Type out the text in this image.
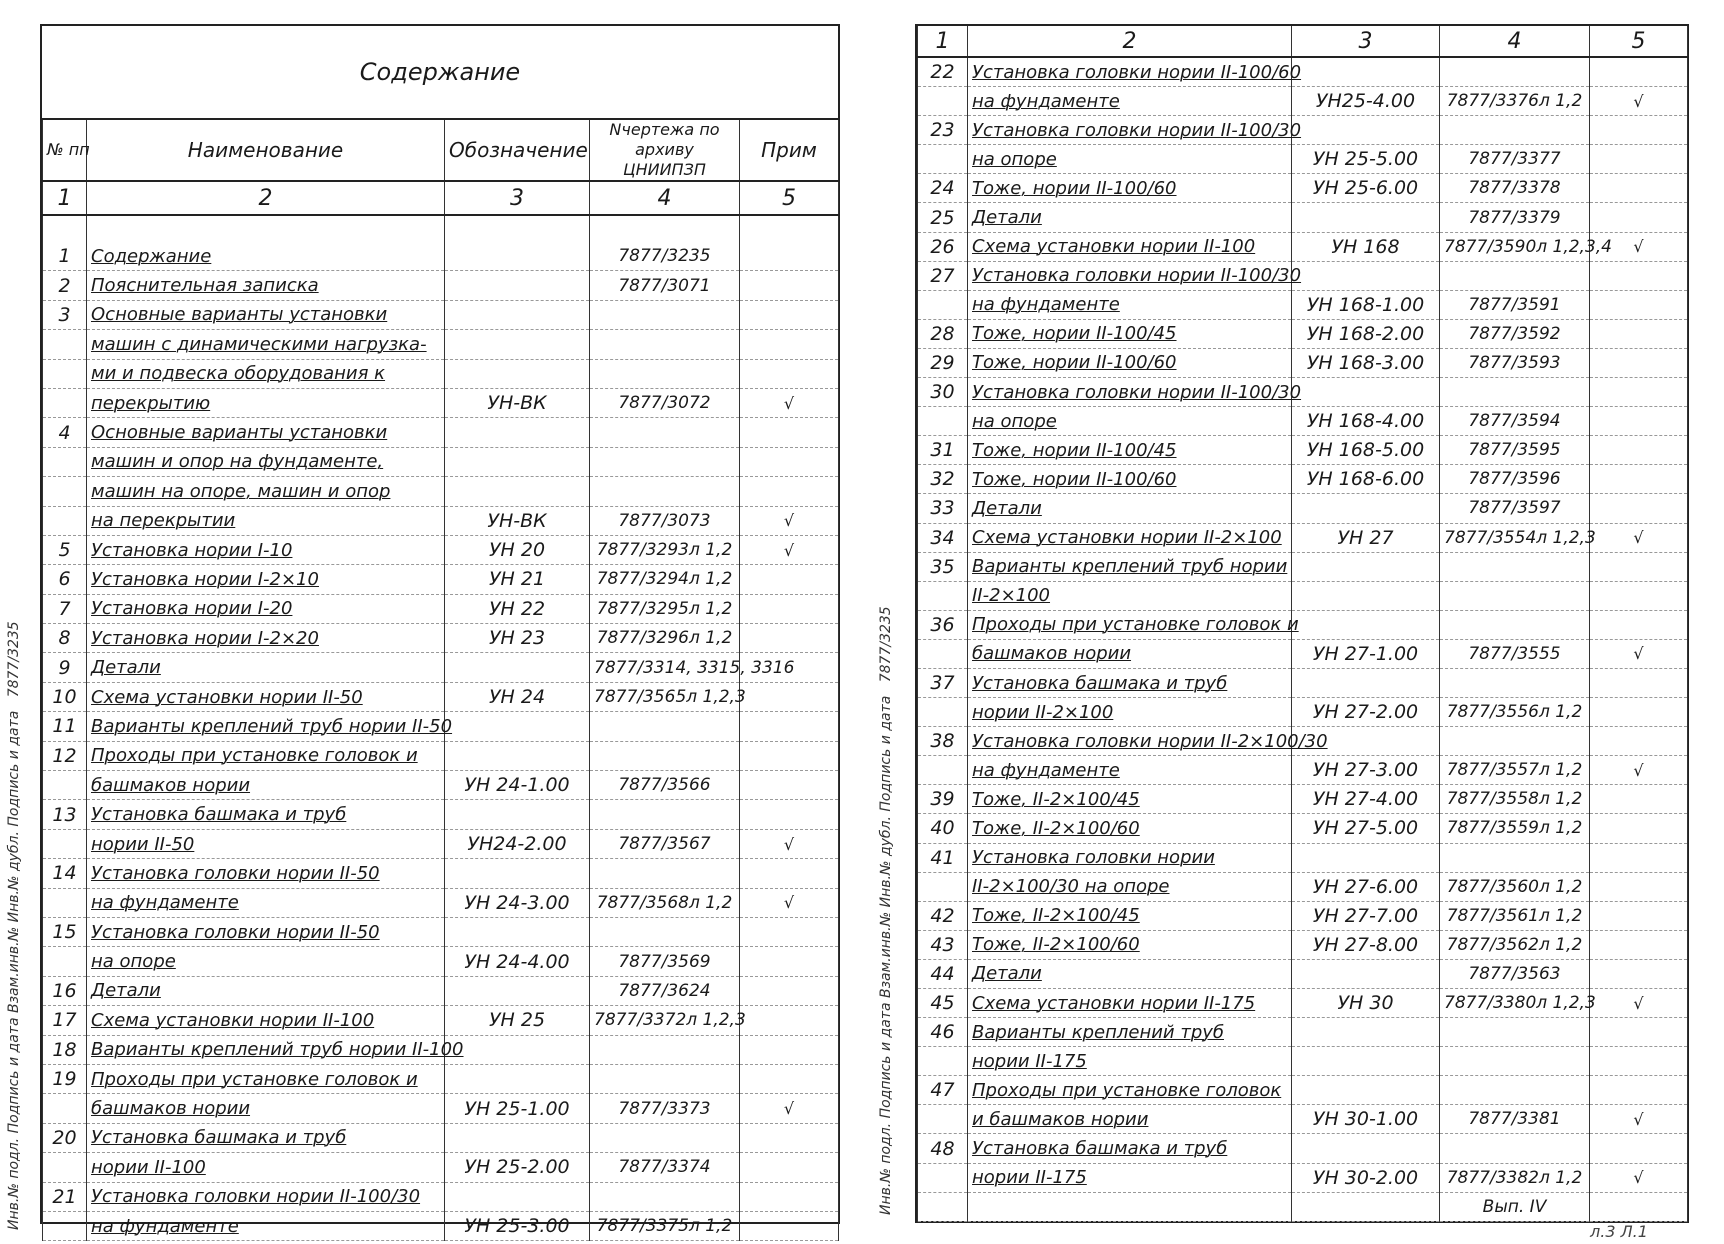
Содержание
№ пп	Наименование	Обозначение	Nчертежа по архиву ЦНИИПЗП	Прим
1	2	3	4	5

1	Содержание		7877/3235	
2	Пояснительная записка		7877/3071	
3	Основные варианты установки			
	машин с динамическими нагрузка-			
	ми и подвеска оборудования к			
	перекрытию	УН-ВК	7877/3072	√
4	Основные варианты установки			
	машин и опор на фундаменте,			
	машин на опоре, машин и опор			
	на перекрытии	УН-ВК	7877/3073	√
5	Установка нории I-10	УН 20	7877/3293л 1,2	√
6	Установка нории I-2×10	УН 21	7877/3294л 1,2	
7	Установка нории I-20	УН 22	7877/3295л 1,2	
8	Установка нории I-2×20	УН 23	7877/3296л 1,2	
9	Детали		7877/3314, 3315, 3316	
10	Схема установки нории II-50	УН 24	7877/3565л 1,2,3	
11	Варианты креплений труб нории II-50			
12	Проходы при установке головок и			
	башмаков нории	УН 24-1.00	7877/3566	
13	Установка башмака и труб			
	нории II-50	УН24-2.00	7877/3567	√
14	Установка головки нории II-50			
	на фундаменте	УН 24-3.00	7877/3568л 1,2	√
15	Установка головки нории II-50			
	на опоре	УН 24-4.00	7877/3569	
16	Детали		7877/3624	
17	Схема установки нории II-100	УН 25	7877/3372л 1,2,3	
18	Варианты креплений труб нории II-100			
19	Проходы при установке головок и			
	башмаков нории	УН 25-1.00	7877/3373	√
20	Установка башмака и труб			
	нории II-100	УН 25-2.00	7877/3374	
21	Установка головки нории II-100/30			
	на фундаменте	УН 25-3.00	7877/3375л 1,2	
1	2	3	4	5
22	Установка головки нории II-100/60			
	на фундаменте	УН25-4.00	7877/3376л 1,2	√
23	Установка головки нории II-100/30			
	на опоре	УН 25-5.00	7877/3377	
24	Тоже, нории II-100/60	УН 25-6.00	7877/3378	
25	Детали		7877/3379	
26	Схема установки нории II-100	УН 168	7877/3590л 1,2,3,4	√
27	Установка головки нории II-100/30			
	на фундаменте	УН 168-1.00	7877/3591	
28	Тоже, нории II-100/45	УН 168-2.00	7877/3592	
29	Тоже, нории II-100/60	УН 168-3.00	7877/3593	
30	Установка головки нории II-100/30			
	на опоре	УН 168-4.00	7877/3594	
31	Тоже, нории II-100/45	УН 168-5.00	7877/3595	
32	Тоже, нории II-100/60	УН 168-6.00	7877/3596	
33	Детали		7877/3597	
34	Схема установки нории II-2×100	УН 27	7877/3554л 1,2,3	√
35	Варианты креплений труб нории			
	II-2×100			
36	Проходы при установке головок и			
	башмаков нории	УН 27-1.00	7877/3555	√
37	Установка башмака и труб			
	нории II-2×100	УН 27-2.00	7877/3556л 1,2	
38	Установка головки нории II-2×100/30			
	на фундаменте	УН 27-3.00	7877/3557л 1,2	√
39	Тоже, II-2×100/45	УН 27-4.00	7877/3558л 1,2	
40	Тоже, II-2×100/60	УН 27-5.00	7877/3559л 1,2	
41	Установка головки нории			
	II-2×100/30 на опоре	УН 27-6.00	7877/3560л 1,2	
42	Тоже, II-2×100/45	УН 27-7.00	7877/3561л 1,2	
43	Тоже, II-2×100/60	УН 27-8.00	7877/3562л 1,2	
44	Детали		7877/3563	
45	Схема установки нории II-175	УН 30	7877/3380л 1,2,3	√
46	Варианты креплений труб			
	нории II-175			
47	Проходы при установке головок			
	и башмаков нории	УН 30-1.00	7877/3381	√
48	Установка башмака и труб			
	нории II-175	УН 30-2.00	7877/3382л 1,2	√
			Вып. IV	
Инв.№ подл. Подпись и дата Взам.инв.№ Инв.№ дубл. Подпись и дата   7877/3235
Инв.№ подл. Подпись и дата Взам.инв.№ Инв.№ дубл. Подпись и дата   7877/3235
л.3 Л.1
